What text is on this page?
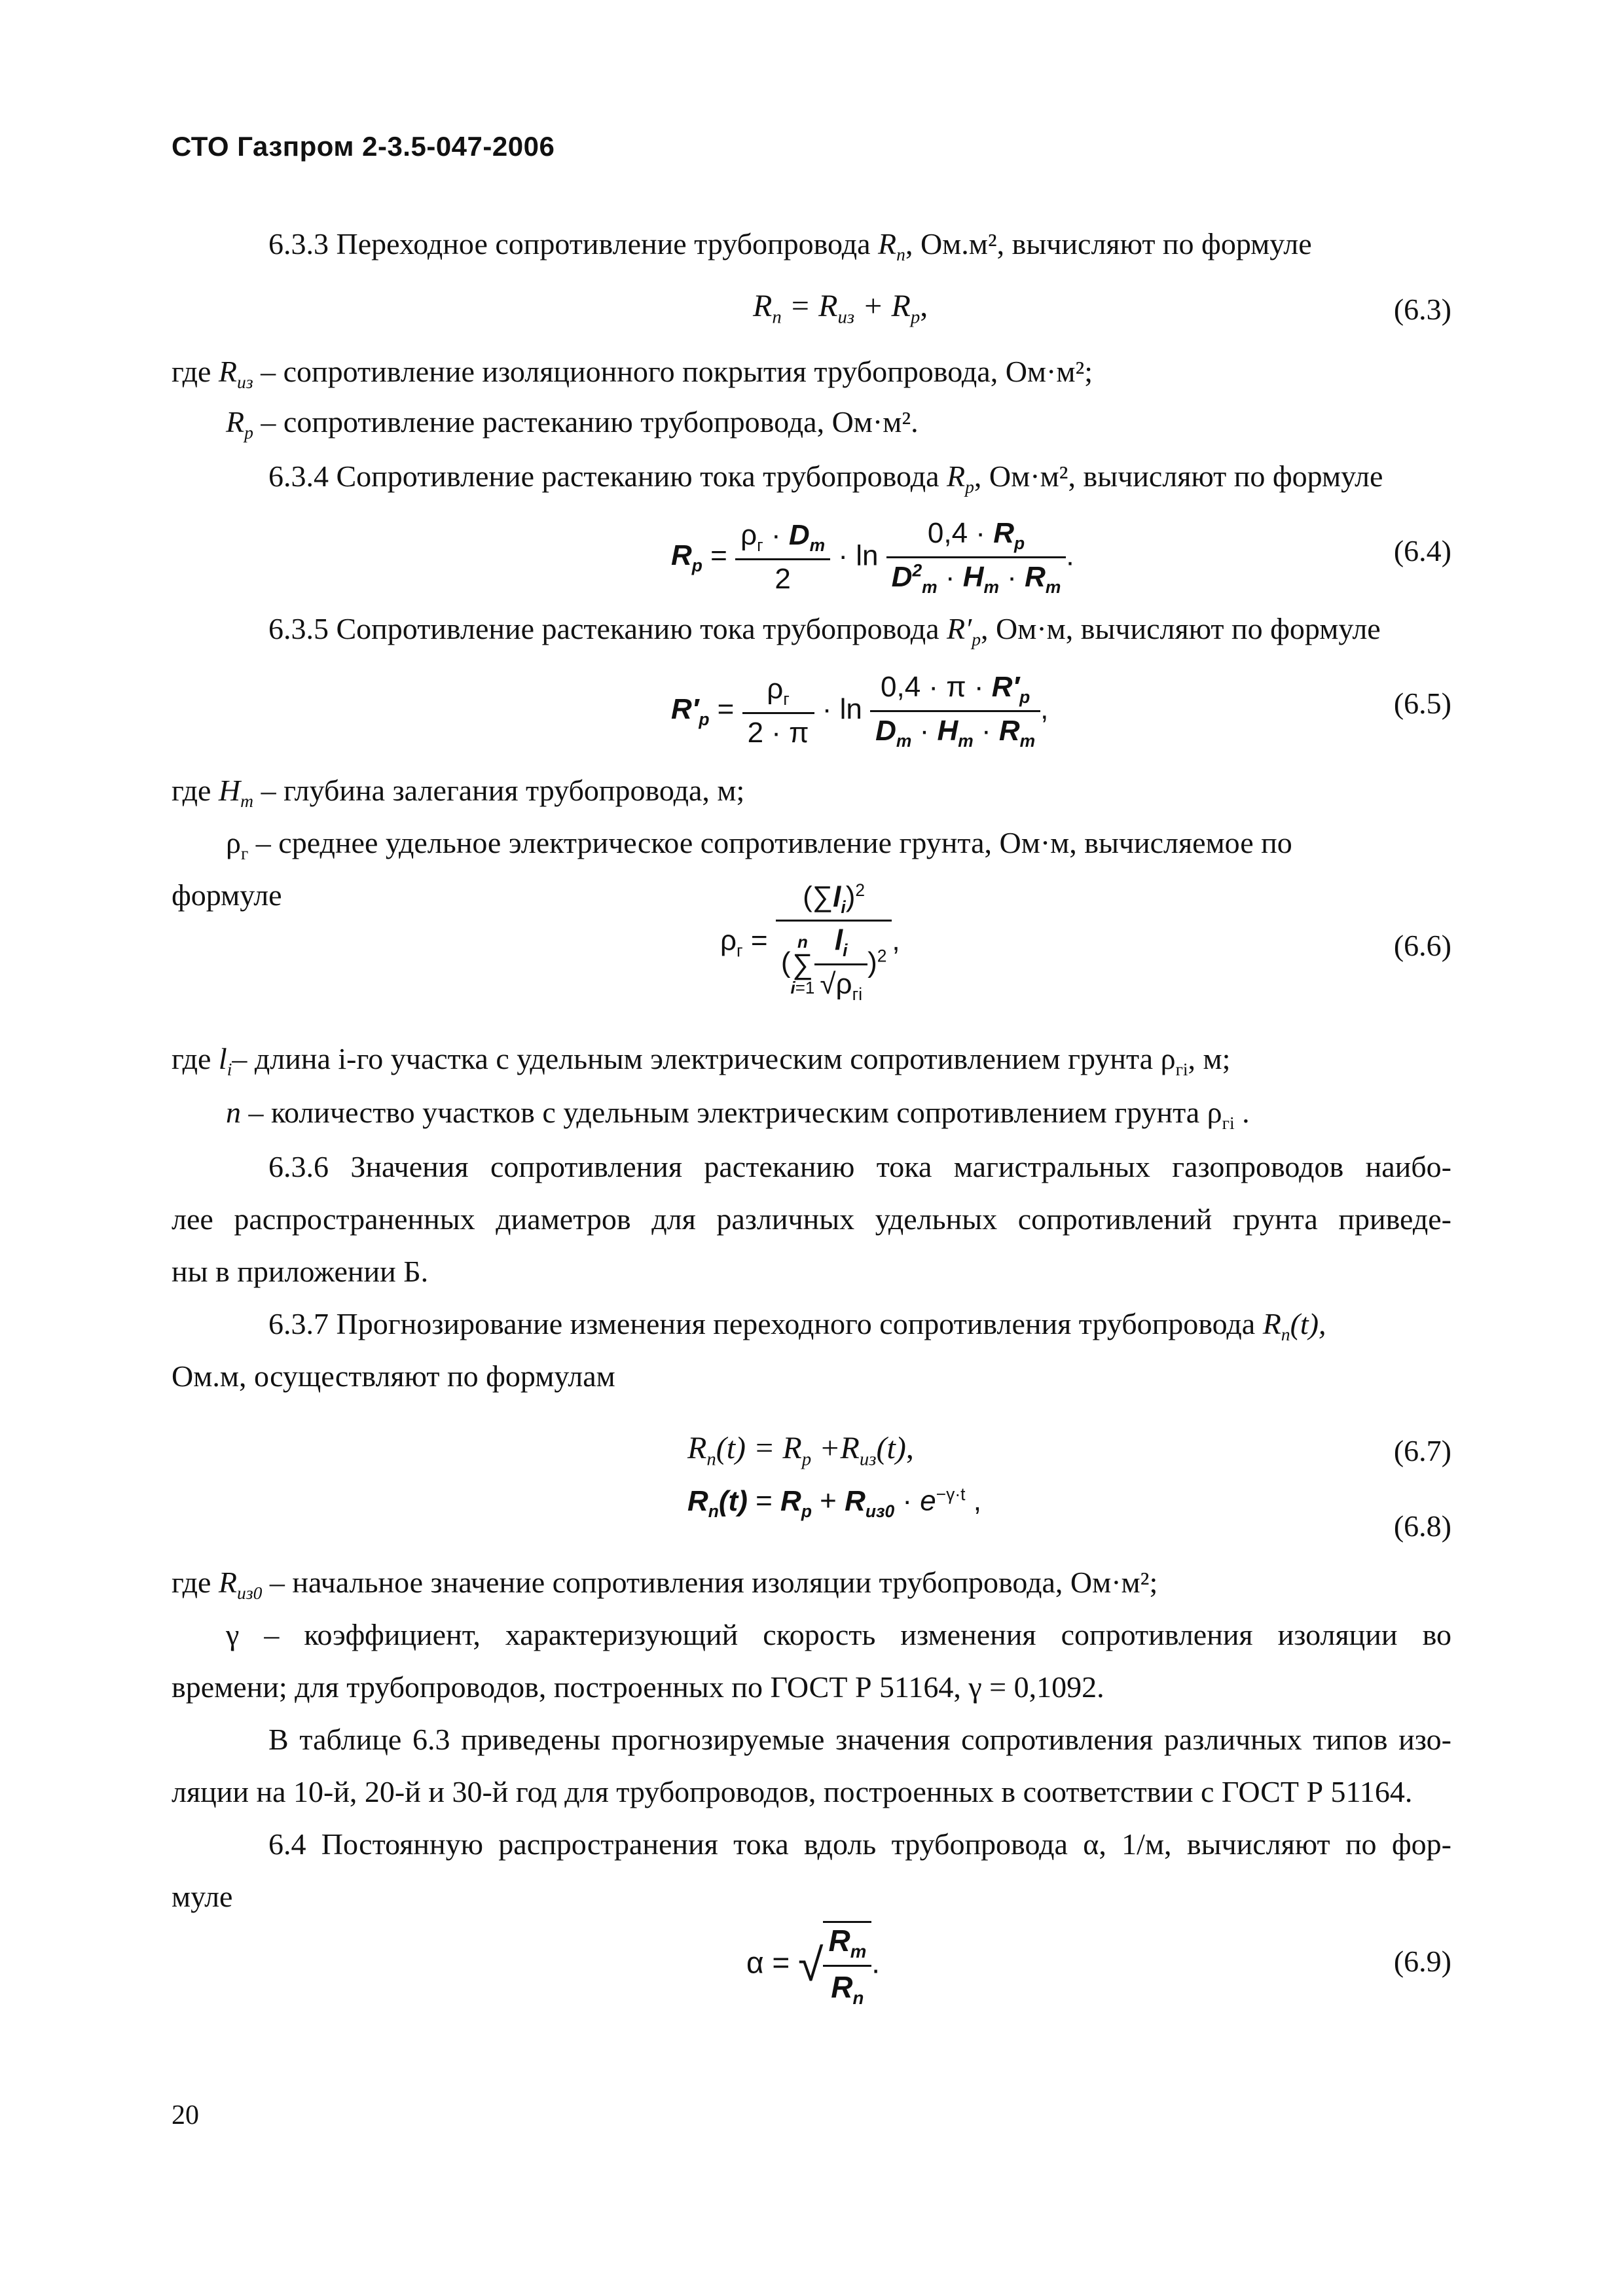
СТО Газпром 2-3.5-047-2006
6.3.3 Переходное сопротивление трубопровода $R_п$, Ом.м², вычисляют по формуле
$R_п = R_{из} + R_р$,	(6.3)
где $R_{из}$ – сопротивление изоляционного покрытия трубопровода, Ом·м²;
$R_р$ – сопротивление растеканию трубопровода, Ом·м².
6.3.4 Сопротивление растеканию тока трубопровода $R_р$, Ом·м², вычисляют по формуле
$R_p = \frac{\rho_г \cdot D_m}{2} \cdot \ln \frac{0,4 \cdot R_p}{D^2_m \cdot H_m \cdot R_m}$ .	(6.4)
6.3.5 Сопротивление растеканию тока трубопровода $R'_р$, Ом·м, вычисляют по формуле
$R'_p = \frac{\rho_г}{2 \cdot \pi} \cdot \ln \frac{0,4 \cdot \pi \cdot R'_p}{D_m \cdot H_m \cdot R_m}$ ,	(6.5)
где $H_т$ – глубина залегания трубопровода, м;
$\rho_г$ – среднее удельное электрическое сопротивление грунта, Ом·м, вычисляемое по
формуле
$\rho_г = (\sum l_i)^2$
(
n
∑
$i=1 \frac{l_i}{√\rho_{гi}} )^2$ ,	(6.6)
где $l_i-$ длина i-го участка с удельным электрическим сопротивлением грунта $\rho_{гi}$, м;
n – количество участков с удельным электрическим сопротивлением грунта $\rho_{гi}$ .
6.3.6 Значения сопротивления растеканию тока магистральных газопроводов наибо-
лее распространенных диаметров для различных удельных сопротивлений грунта приведе-
ны в приложении Б.
6.3.7 Прогнозирование изменения переходного сопротивления трубопровода $R_п(t)$,
Ом.м, осуществляют по формулам
$R_п(t) = R_р +R_{из}(t)$,	(6.7)
$R_n(t) = R_p + R_{из0} \cdot e^{-\gamma\cdot t}$ ,
(6.8)
где $R_{из0}$ – начальное значение сопротивления изоляции трубопровода, Ом·м²;
γ – коэффициент, характеризующий скорость изменения сопротивления изоляции во
времени; для трубопроводов, построенных по ГОСТ Р 51164, γ = 0,1092.
В таблице 6.3 приведены прогнозируемые значения сопротивления различных типов изо-
ляции на 10-й, 20-й и 30-й год для трубопроводов, построенных в соответствии с ГОСТ Р 51164.
6.4 Постоянную распространения тока вдоль трубопровода α, 1/м, вычисляют по фор-
муле
α = √ $\frac{R_m}{R_n}$ .	(6.9)
20
